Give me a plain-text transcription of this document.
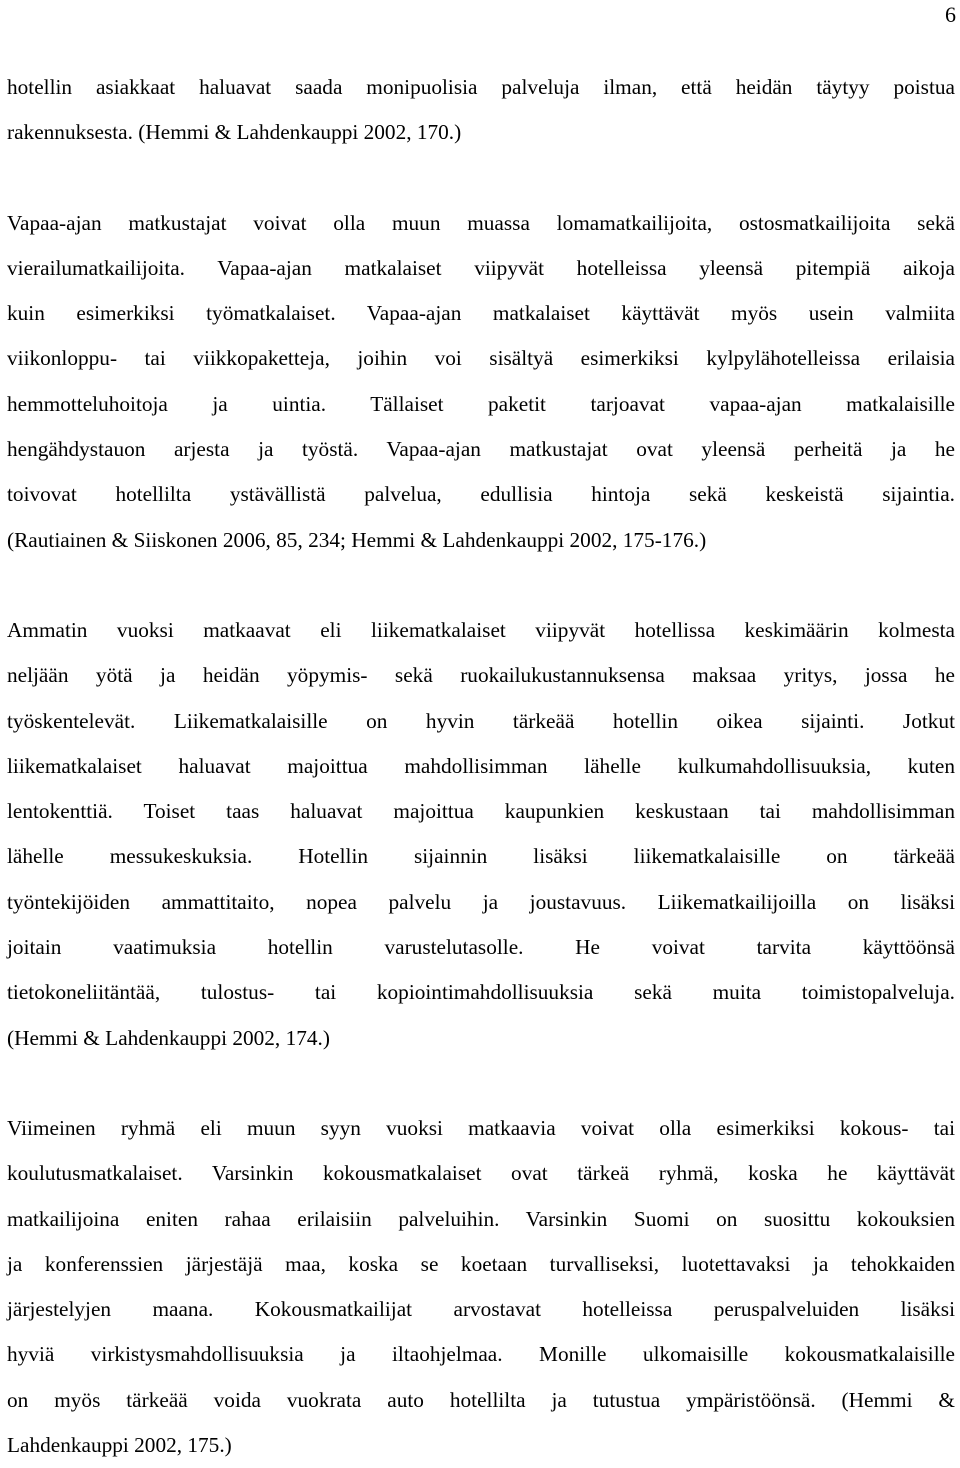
6

hotellin asiakkaat haluavat saada monipuolisia palveluja ilman, että heidän täytyy poistua
rakennuksesta. (Hemmi & Lahdenkauppi 2002, 170.)

Vapaa-ajan matkustajat voivat olla muun muassa lomamatkailijoita, ostosmatkailijoita sekä
vierailumatkailijoita. Vapaa-ajan matkalaiset viipyvät hotelleissa yleensä pitempiä aikoja
kuin esimerkiksi työmatkalaiset. Vapaa-ajan matkalaiset käyttävät myös usein valmiita
viikonloppu- tai viikkopaketteja, joihin voi sisältyä esimerkiksi kylpylähotelleissa erilaisia
hemmotteluhoitoja ja uintia. Tällaiset paketit tarjoavat vapaa-ajan matkalaisille
hengähdystauon arjesta ja työstä. Vapaa-ajan matkustajat ovat yleensä perheitä ja he
toivovat hotellilta ystävällistä palvelua, edullisia hintoja sekä keskeistä sijaintia.
(Rautiainen & Siiskonen 2006, 85, 234; Hemmi & Lahdenkauppi 2002, 175-176.)

Ammatin vuoksi matkaavat eli liikematkalaiset viipyvät hotellissa keskimäärin kolmesta
neljään yötä ja heidän yöpymis- sekä ruokailukustannuksensa maksaa yritys, jossa he
työskentelevät. Liikematkalaisille on hyvin tärkeää hotellin oikea sijainti. Jotkut
liikematkalaiset haluavat majoittua mahdollisimman lähelle kulkumahdollisuuksia, kuten
lentokenttiä. Toiset taas haluavat majoittua kaupunkien keskustaan tai mahdollisimman
lähelle messukeskuksia. Hotellin sijainnin lisäksi liikematkalaisille on tärkeää
työntekijöiden ammattitaito, nopea palvelu ja joustavuus. Liikematkailijoilla on lisäksi
joitain vaatimuksia hotellin varustelutasolle. He voivat tarvita käyttöönsä
tietokoneliitäntää, tulostus- tai kopiointimahdollisuuksia sekä muita toimistopalveluja.
(Hemmi & Lahdenkauppi 2002, 174.)

Viimeinen ryhmä eli muun syyn vuoksi matkaavia voivat olla esimerkiksi kokous- tai
koulutusmatkalaiset. Varsinkin kokousmatkalaiset ovat tärkeä ryhmä, koska he käyttävät
matkailijoina eniten rahaa erilaisiin palveluihin. Varsinkin Suomi on suosittu kokouksien
ja konferenssien järjestäjä maa, koska se koetaan turvalliseksi, luotettavaksi ja tehokkaiden
järjestelyjen maana. Kokousmatkailijat arvostavat hotelleissa peruspalveluiden lisäksi
hyviä virkistysmahdollisuuksia ja iltaohjelmaa. Monille ulkomaisille kokousmatkalaisille
on myös tärkeää voida vuokrata auto hotellilta ja tutustua ympäristöönsä. (Hemmi &
Lahdenkauppi 2002, 175.)
